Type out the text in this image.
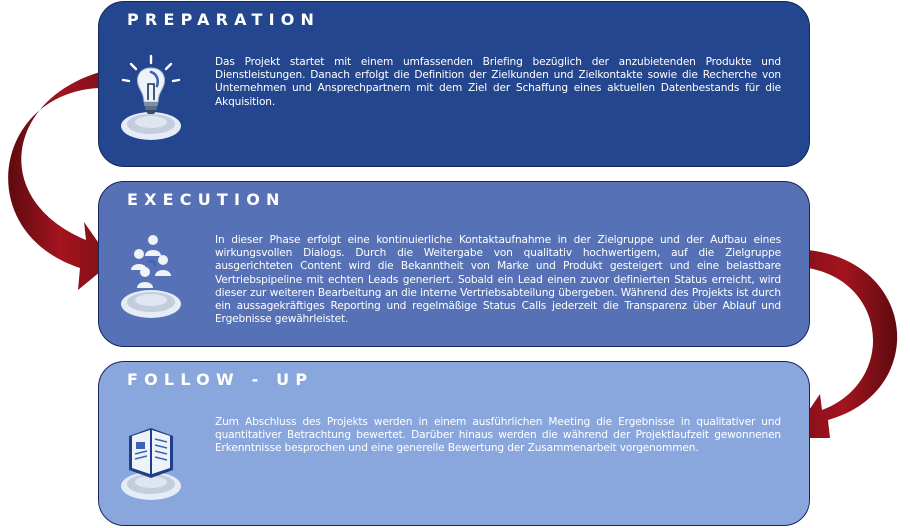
PREPARATION

Das Projekt startet mit einem umfassenden Briefing bezüglich der anzubietenden Produkte und Dienstleistungen. Danach erfolgt die Definition der Zielkunden und Zielkontakte sowie die Recherche von Unternehmen und Ansprechpartnern mit dem Ziel der Schaffung eines aktuellen Datenbestands für die Akquisition.

EXECUTION

In dieser Phase erfolgt eine kontinuierliche Kontaktaufnahme in der Zielgruppe und der Aufbau eines wirkungsvollen Dialogs. Durch die Weitergabe von qualitativ hochwertigem, auf die Zielgruppe ausgerichteten Content wird die Bekanntheit von Marke und Produkt gesteigert und eine belastbare Vertriebspipeline mit echten Leads generiert. Sobald ein Lead einen zuvor definierten Status erreicht, wird dieser zur weiteren Bearbeitung an die interne Vertriebsabteilung übergeben. Während des Projekts ist durch ein aussagekräftiges Reporting und regelmäßige Status Calls jederzeit die Transparenz über Ablauf und Ergebnisse gewährleistet.

FOLLOW - UP

Zum Abschluss des Projekts werden in einem ausführlichen Meeting die Ergebnisse in qualitativer und quantitativer Betrachtung bewertet. Darüber hinaus werden die während der Projektlaufzeit gewonnenen Erkenntnisse besprochen und eine generelle Bewertung der Zusammenarbeit vorgenommen.
